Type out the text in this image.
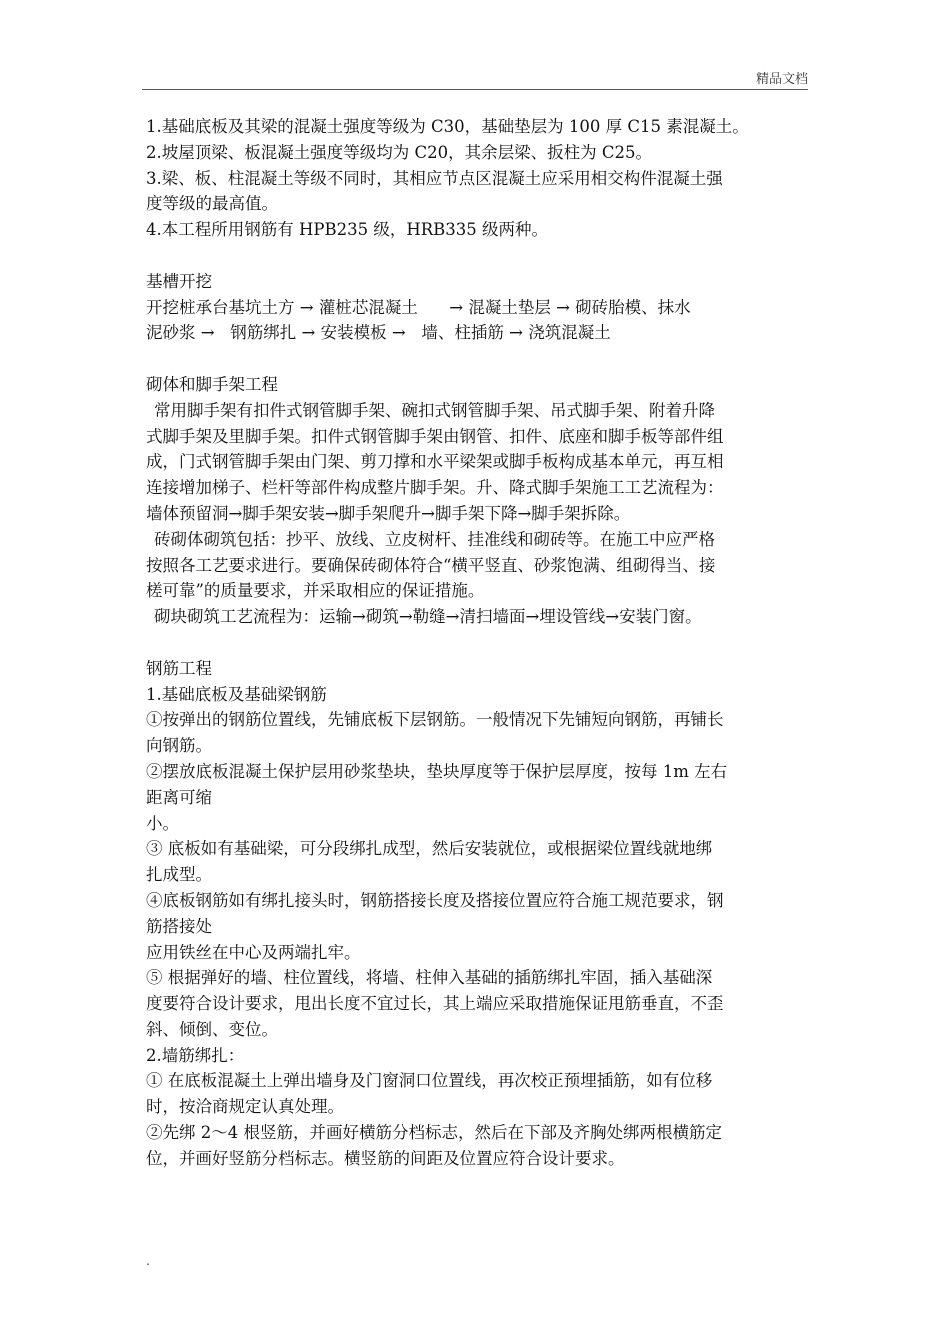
精品文档
1.基础底板及其梁的混凝土强度等级为 C30，基础垫层为 100 厚 C15 素混凝土。
2.坡屋顶梁、板混凝土强度等级均为 C20，其余层梁、扳柱为 C25。
3.梁、板、柱混凝土等级不同时，其相应节点区混凝土应采用相交构件混凝土强
度等级的最高值。
4.本工程所用钢筋有 HPB235 级，HRB335 级两种。
基槽开挖
开挖桩承台基坑土方 → 灌桩芯混凝土      → 混凝土垫层 → 砌砖胎模、抹水
泥砂浆 →   钢筋绑扎 → 安装模板 →   墙、柱插筋 → 浇筑混凝土
砌体和脚手架工程
常用脚手架有扣件式钢管脚手架、碗扣式钢管脚手架、吊式脚手架、附着升降
式脚手架及里脚手架。扣件式钢管脚手架由钢管、扣件、底座和脚手板等部件组
成，门式钢管脚手架由门架、剪刀撑和水平梁架或脚手板构成基本单元，再互相
连接增加梯子、栏杆等部件构成整片脚手架。升、降式脚手架施工工艺流程为：
墙体预留洞→脚手架安装→脚手架爬升→脚手架下降→脚手架拆除。
砖砌体砌筑包括：抄平、放线、立皮树杆、挂准线和砌砖等。在施工中应严格
按照各工艺要求进行。要确保砖砌体符合“横平竖直、砂浆饱满、组砌得当、接
槎可靠”的质量要求，并采取相应的保证措施。
砌块砌筑工艺流程为：运输→砌筑→勒缝→清扫墙面→埋设管线→安装门窗。
钢筋工程
1.基础底板及基础梁钢筋
①按弹出的钢筋位置线，先铺底板下层钢筋。一般情况下先铺短向钢筋，再铺长
向钢筋。
②摆放底板混凝土保护层用砂浆垫块，垫块厚度等于保护层厚度，按每 1m 左右
距离可缩
小。
③ 底板如有基础梁，可分段绑扎成型，然后安装就位，或根据梁位置线就地绑
扎成型。
④底板钢筋如有绑扎接头时，钢筋搭接长度及搭接位置应符合施工规范要求，钢
筋搭接处
应用铁丝在中心及两端扎牢。
⑤ 根据弹好的墙、柱位置线，将墙、柱伸入基础的插筋绑扎牢固，插入基础深
度要符合设计要求，甩出长度不宜过长，其上端应采取措施保证甩筋垂直，不歪
斜、倾倒、变位。
2.墙筋绑扎：
① 在底板混凝土上弹出墙身及门窗洞口位置线，再次校正预埋插筋，如有位移
时，按洽商规定认真处理。
②先绑 2～4 根竖筋，并画好横筋分档标志，然后在下部及齐胸处绑两根横筋定
位，并画好竖筋分档标志。横竖筋的间距及位置应符合设计要求。
.
